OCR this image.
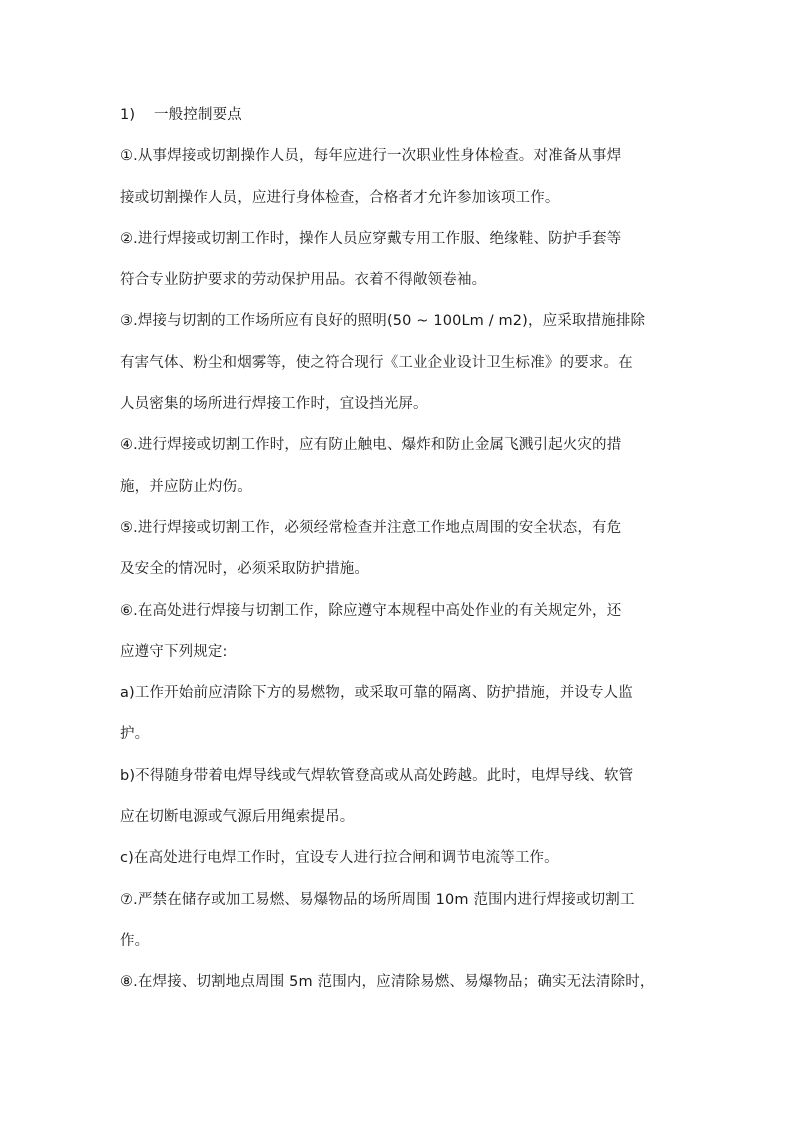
1) 一般控制要点
①.从事焊接或切割操作人员，每年应进行一次职业性身体检查。对准备从事焊
接或切割操作人员，应进行身体检查，合格者才允许参加该项工作。
②.进行焊接或切割工作时，操作人员应穿戴专用工作服、绝缘鞋、防护手套等
符合专业防护要求的劳动保护用品。衣着不得敞领卷袖。
③.焊接与切割的工作场所应有良好的照明(50 ~ 100Lm / m2)，应采取措施排除
有害气体、粉尘和烟雾等，使之符合现行《工业企业设计卫生标准》的要求。在
人员密集的场所进行焊接工作时，宜设挡光屏。
④.进行焊接或切割工作时，应有防止触电、爆炸和防止金属飞溅引起火灾的措
施，并应防止灼伤。
⑤.进行焊接或切割工作，必须经常检查并注意工作地点周围的安全状态，有危
及安全的情况时，必须采取防护措施。
⑥.在高处进行焊接与切割工作，除应遵守本规程中高处作业的有关规定外，还
应遵守下列规定:
a)工作开始前应清除下方的易燃物，或采取可靠的隔离、防护措施，并设专人监
护。
b)不得随身带着电焊导线或气焊软管登高或从高处跨越。此时，电焊导线、软管
应在切断电源或气源后用绳索提吊。
c)在高处进行电焊工作时，宜设专人进行拉合闸和调节电流等工作。
⑦.严禁在储存或加工易燃、易爆物品的场所周围 10m 范围内进行焊接或切割工
作。
⑧.在焊接、切割地点周围 5m 范围内，应清除易燃、易爆物品；确实无法清除时，
